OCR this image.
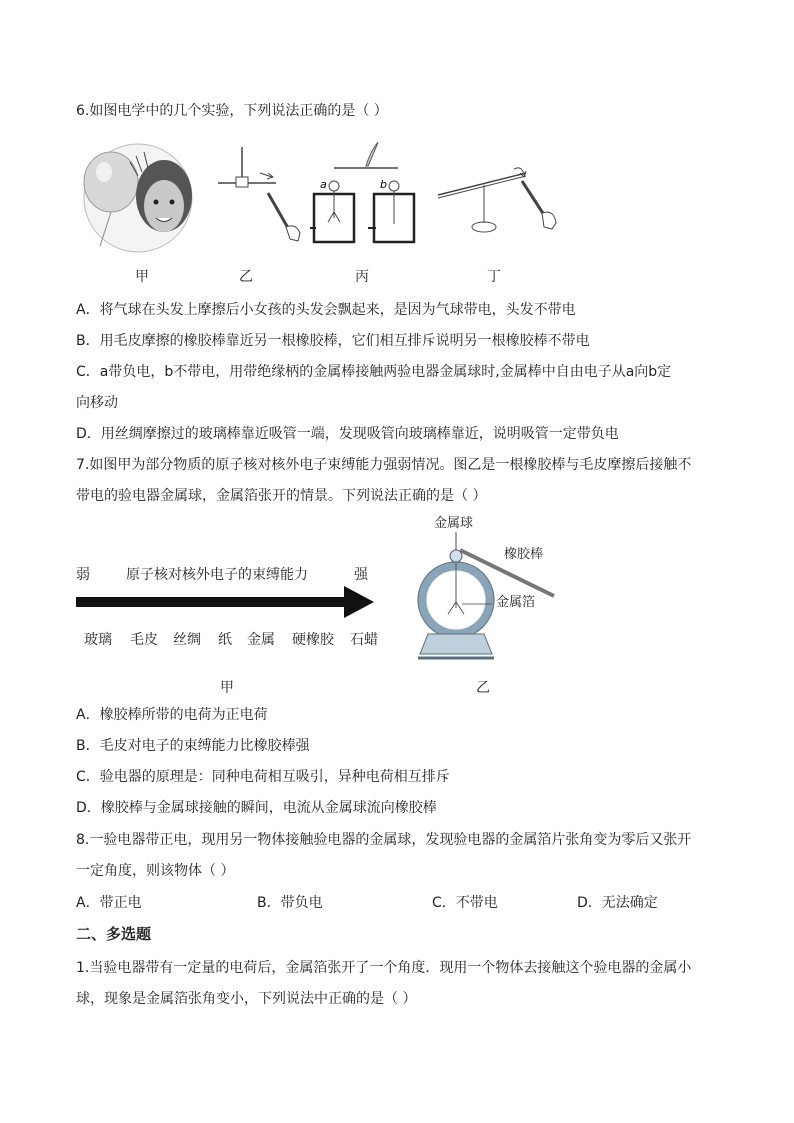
6.如图电学中的几个实验，下列说法正确的是（ ）
a	b
甲	乙	丙	丁
A．将气球在头发上摩擦后小女孩的头发会飘起来，是因为气球带电，头发不带电
B．用毛皮摩擦的橡胶棒靠近另一根橡胶棒，它们相互排斥说明另一根橡胶棒不带电
C．a带负电，b不带电，用带绝缘柄的金属棒接触两验电器金属球时,金属棒中自由电子从a向b定
向移动
D．用丝绸摩擦过的玻璃棒靠近吸管一端，发现吸管向玻璃棒靠近，说明吸管一定带负电
7.如图甲为部分物质的原子核对核外电子束缚能力强弱情况。图乙是一根橡胶棒与毛皮摩擦后接触不
带电的验电器金属球，金属箔张开的情景。下列说法正确的是（ ）
弱	原子核对核外电子的束缚能力	强
玻璃 毛皮 丝绸 纸 金属 硬橡胶 石蜡
金属球
橡胶棒
金属箔
甲	乙
A．橡胶棒所带的电荷为正电荷
B．毛皮对电子的束缚能力比橡胶棒强
C．验电器的原理是：同种电荷相互吸引，异种电荷相互排斥
D．橡胶棒与金属球接触的瞬间，电流从金属球流向橡胶棒
8.一验电器带正电，现用另一物体接触验电器的金属球，发现验电器的金属箔片张角变为零后又张开
一定角度，则该物体（ ）
A．带正电	B．带负电	C．不带电	D．无法确定
二、多选题
1.当验电器带有一定量的电荷后，金属箔张开了一个角度．现用一个物体去接触这个验电器的金属小
球，现象是金属箔张角变小，下列说法中正确的是（ ）
